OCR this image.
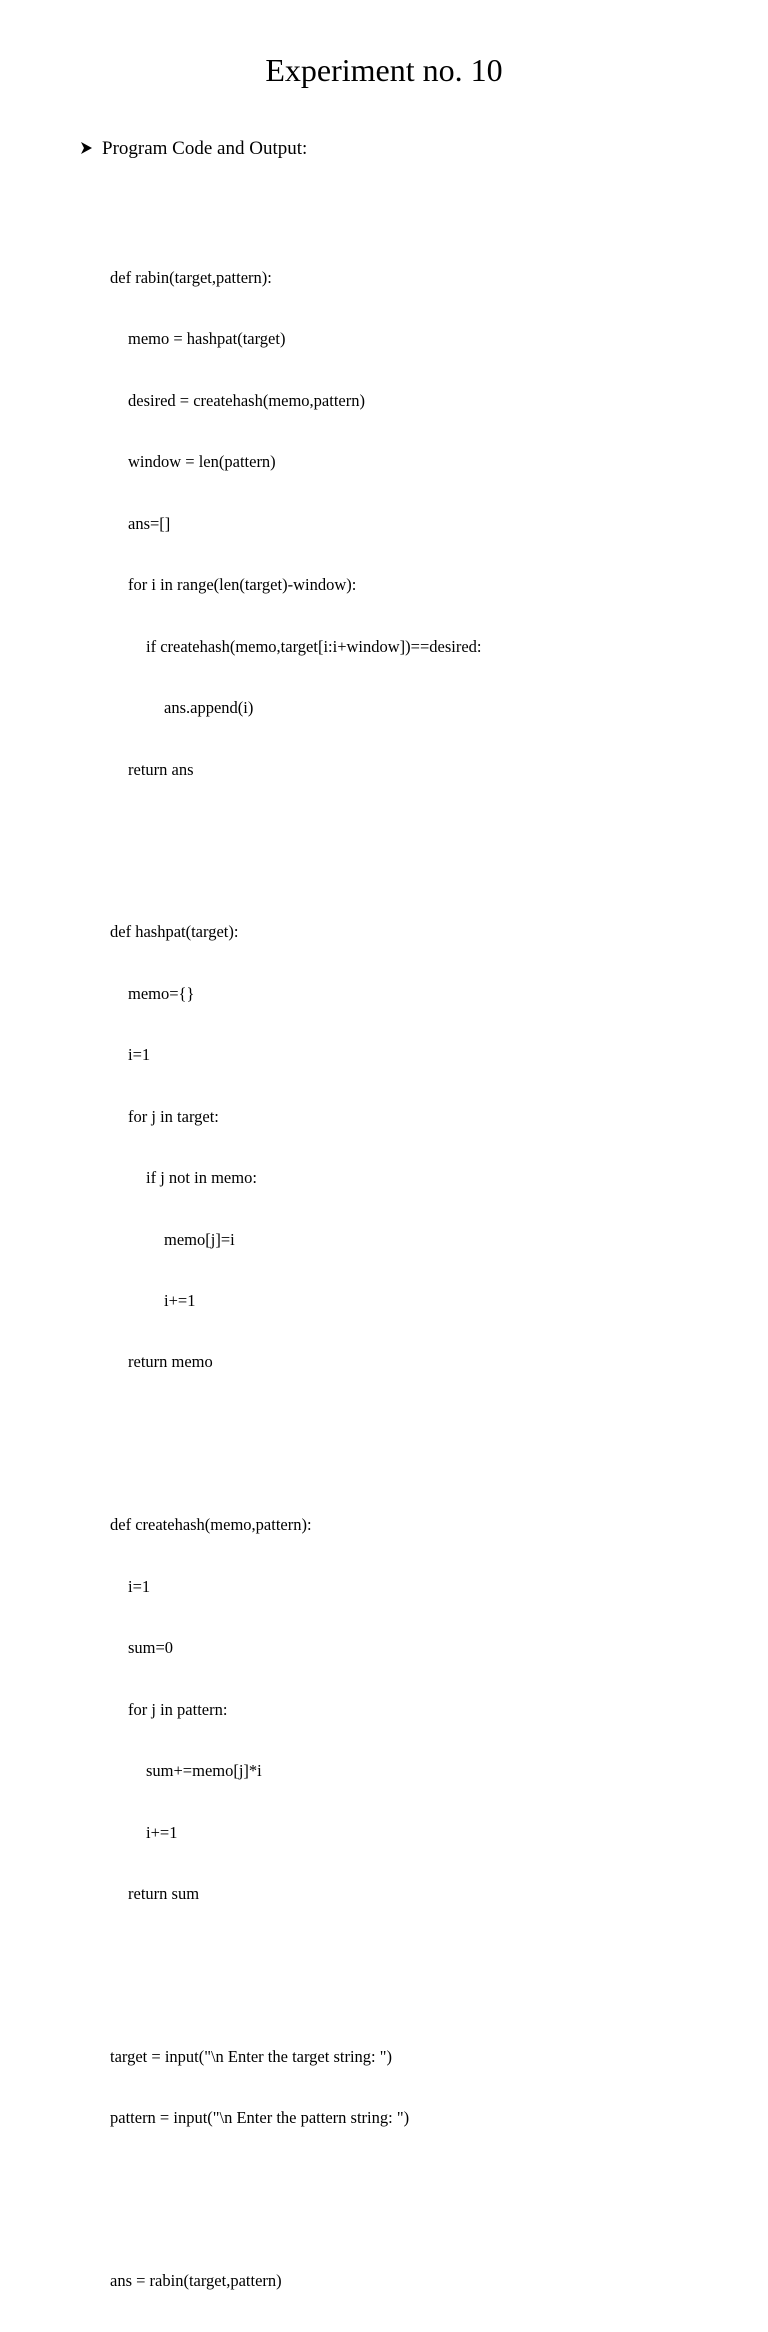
Experiment no. 10
Program Code and Output:

def rabin(target,pattern):

memo = hashpat(target)

desired = createhash(memo,pattern)

window = len(pattern)

ans=[]

for i in range(len(target)-window):

if createhash(memo,target[i:i+window])==desired:

ans.append(i)

return ans

def hashpat(target):

memo={}

i=1

for j in target:

if j not in memo:

memo[j]=i

i+=1

return memo

def createhash(memo,pattern):

i=1

sum=0

for j in pattern:

sum+=memo[j]*i

i+=1

return sum

target = input("\n Enter the target string: ")

pattern = input("\n Enter the pattern string: ")

ans = rabin(target,pattern)
